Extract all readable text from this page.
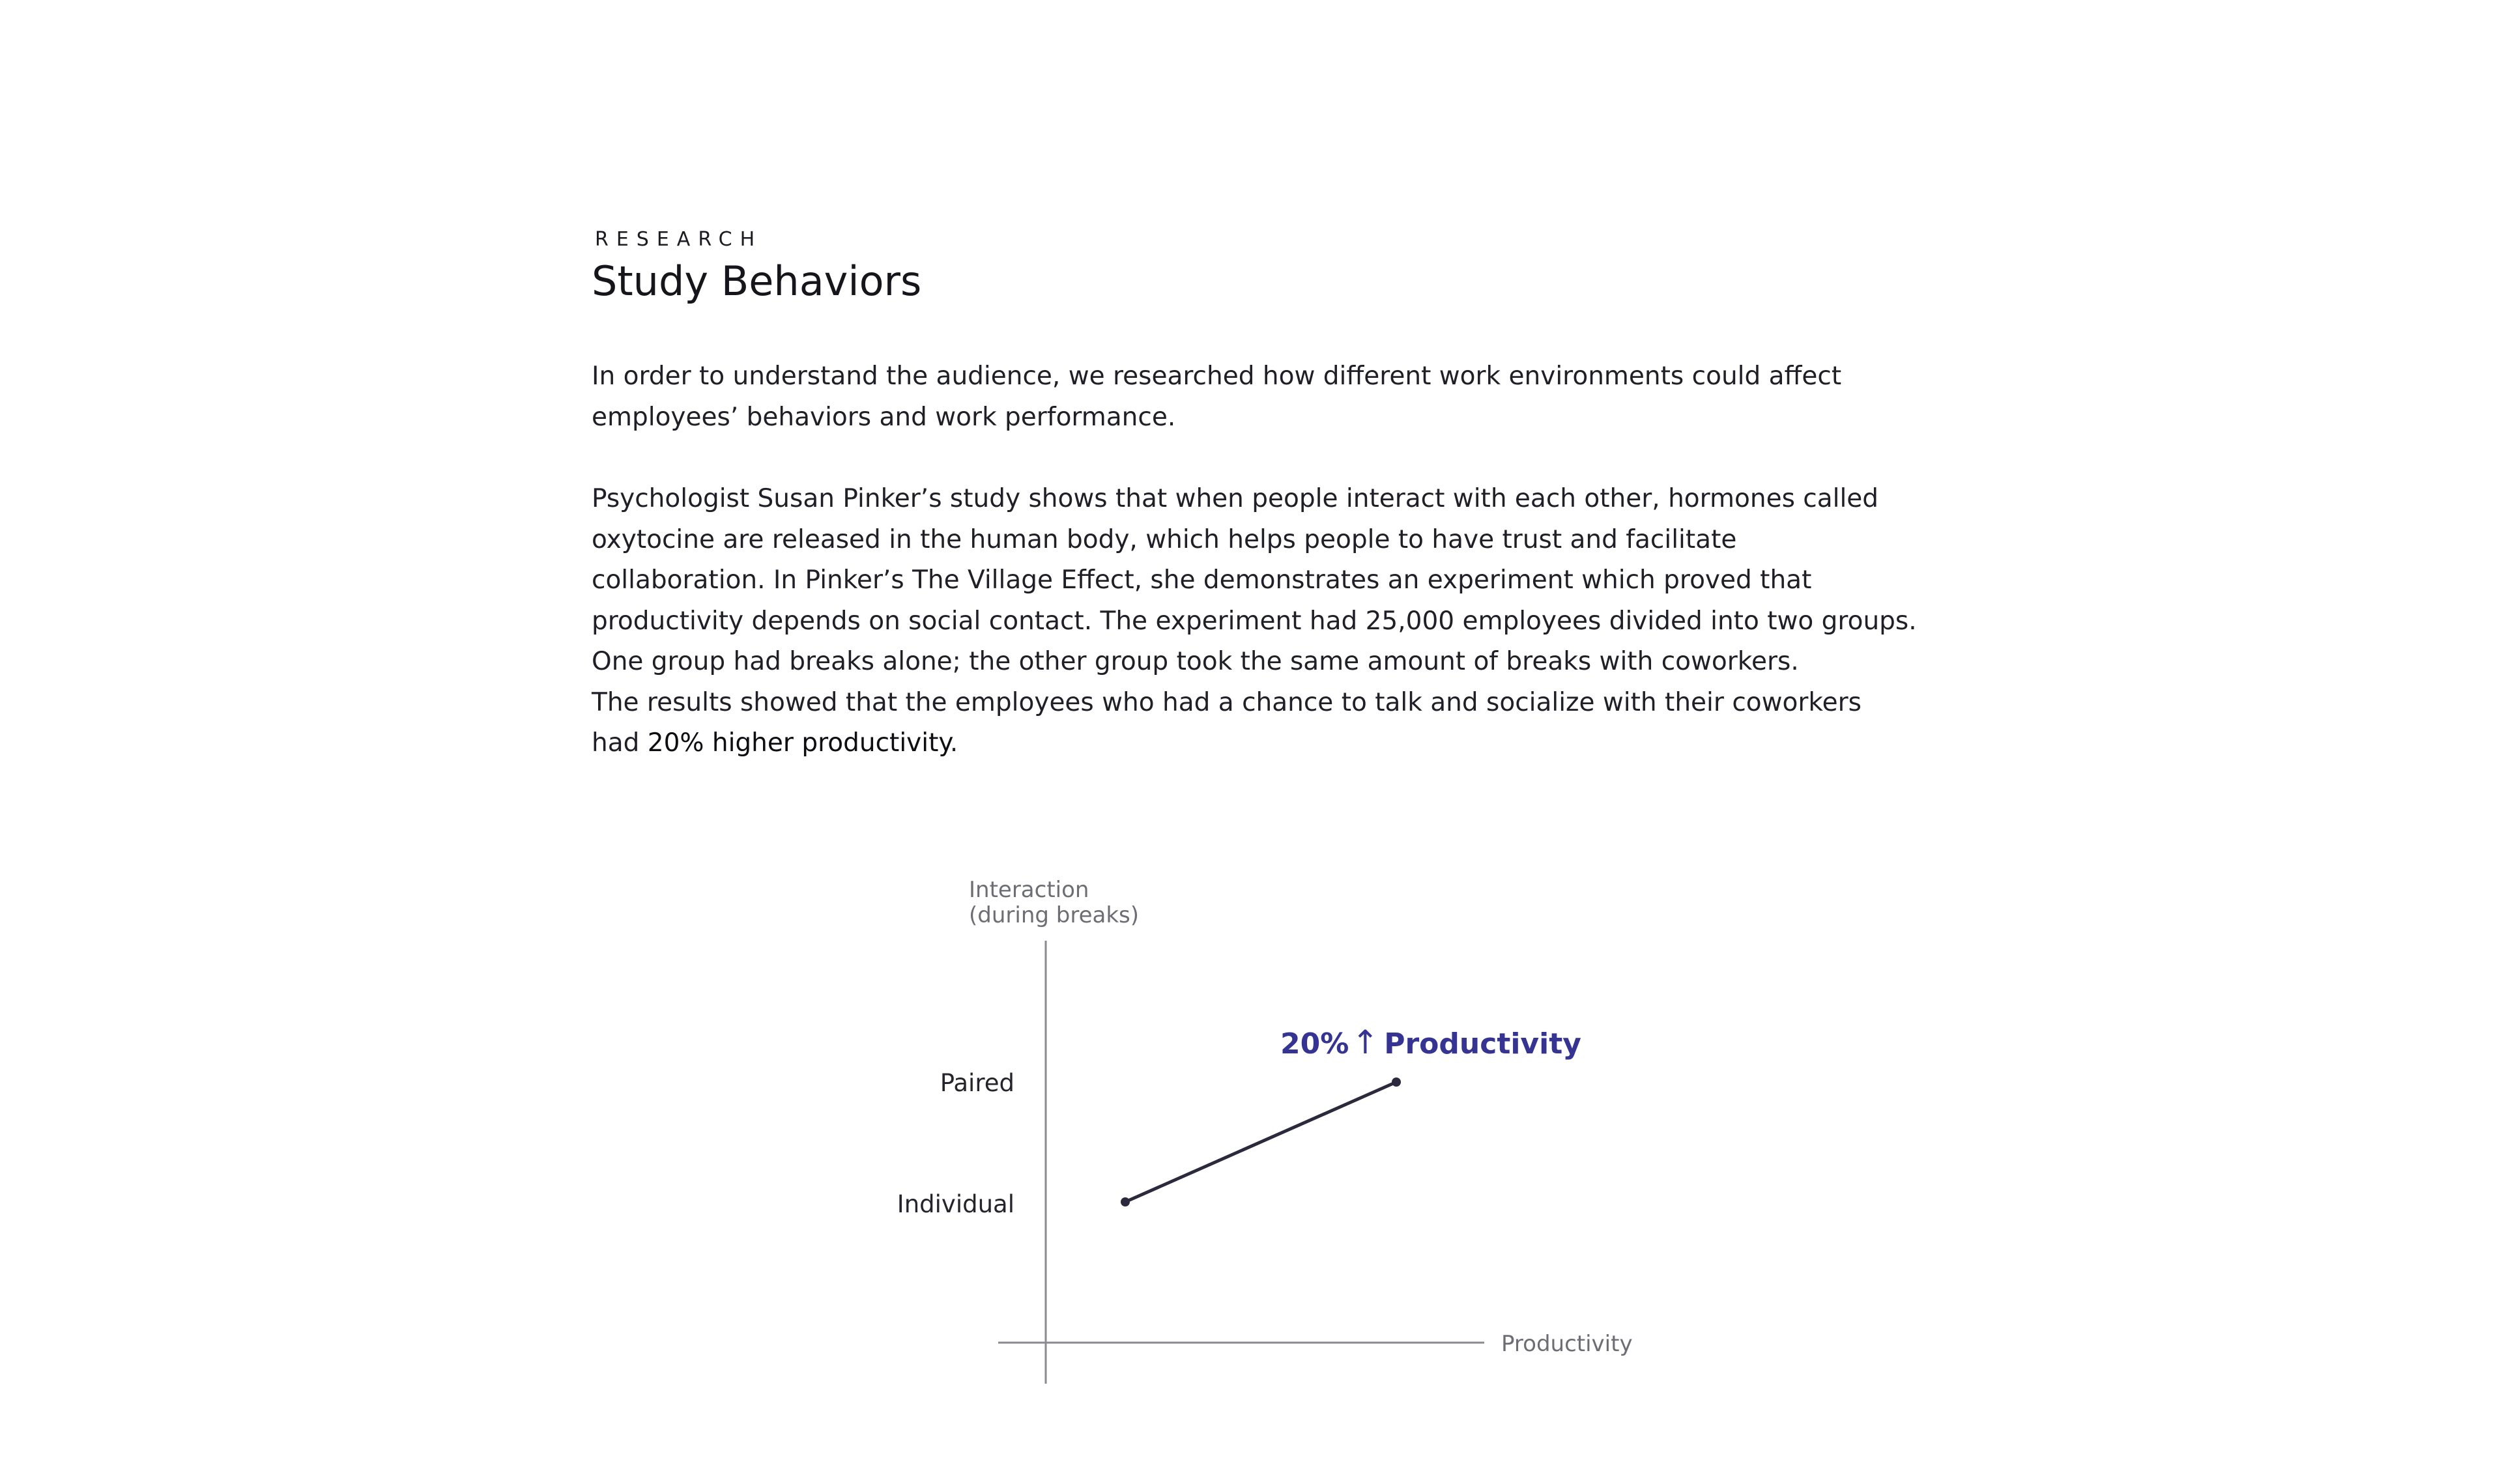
RESEARCH
Study Behaviors

In order to understand the audience, we researched how different work environments could affect employees’ behaviors and work performance.

Psychologist Susan Pinker’s study shows that when people interact with each other, hormones called
oxytocine are released in the human body, which helps people to have trust and facilitate
collaboration. In Pinker’s The Village Effect, she demonstrates an experiment which proved that
productivity depends on social contact. The experiment had 25,000 employees divided into two groups.
One group had breaks alone; the other group took the same amount of breaks with coworkers.
The results showed that the employees who had a chance to talk and socialize with their coworkers
had 20% higher productivity.
Interaction
(during breaks)
Productivity
Paired
Individual
20%↑ Productivity
